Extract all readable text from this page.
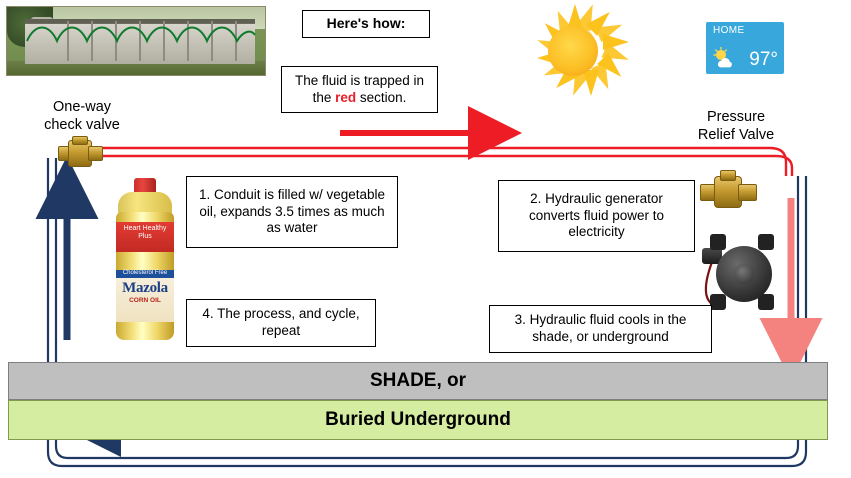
Here's how:
The fluid is trapped in the red section.
HOME
97°
One-way
check valve
Pressure
Relief Valve
Heart Healthy Plus
Cholesterol Free
Mazola
CORN OIL
1. Conduit is filled w/ vegetable oil, expands 3.5 times as much as water
2. Hydraulic generator converts fluid power to electricity
3. Hydraulic fluid cools in the shade, or underground
4. The process, and cycle, repeat
SHADE, or
Buried Underground
